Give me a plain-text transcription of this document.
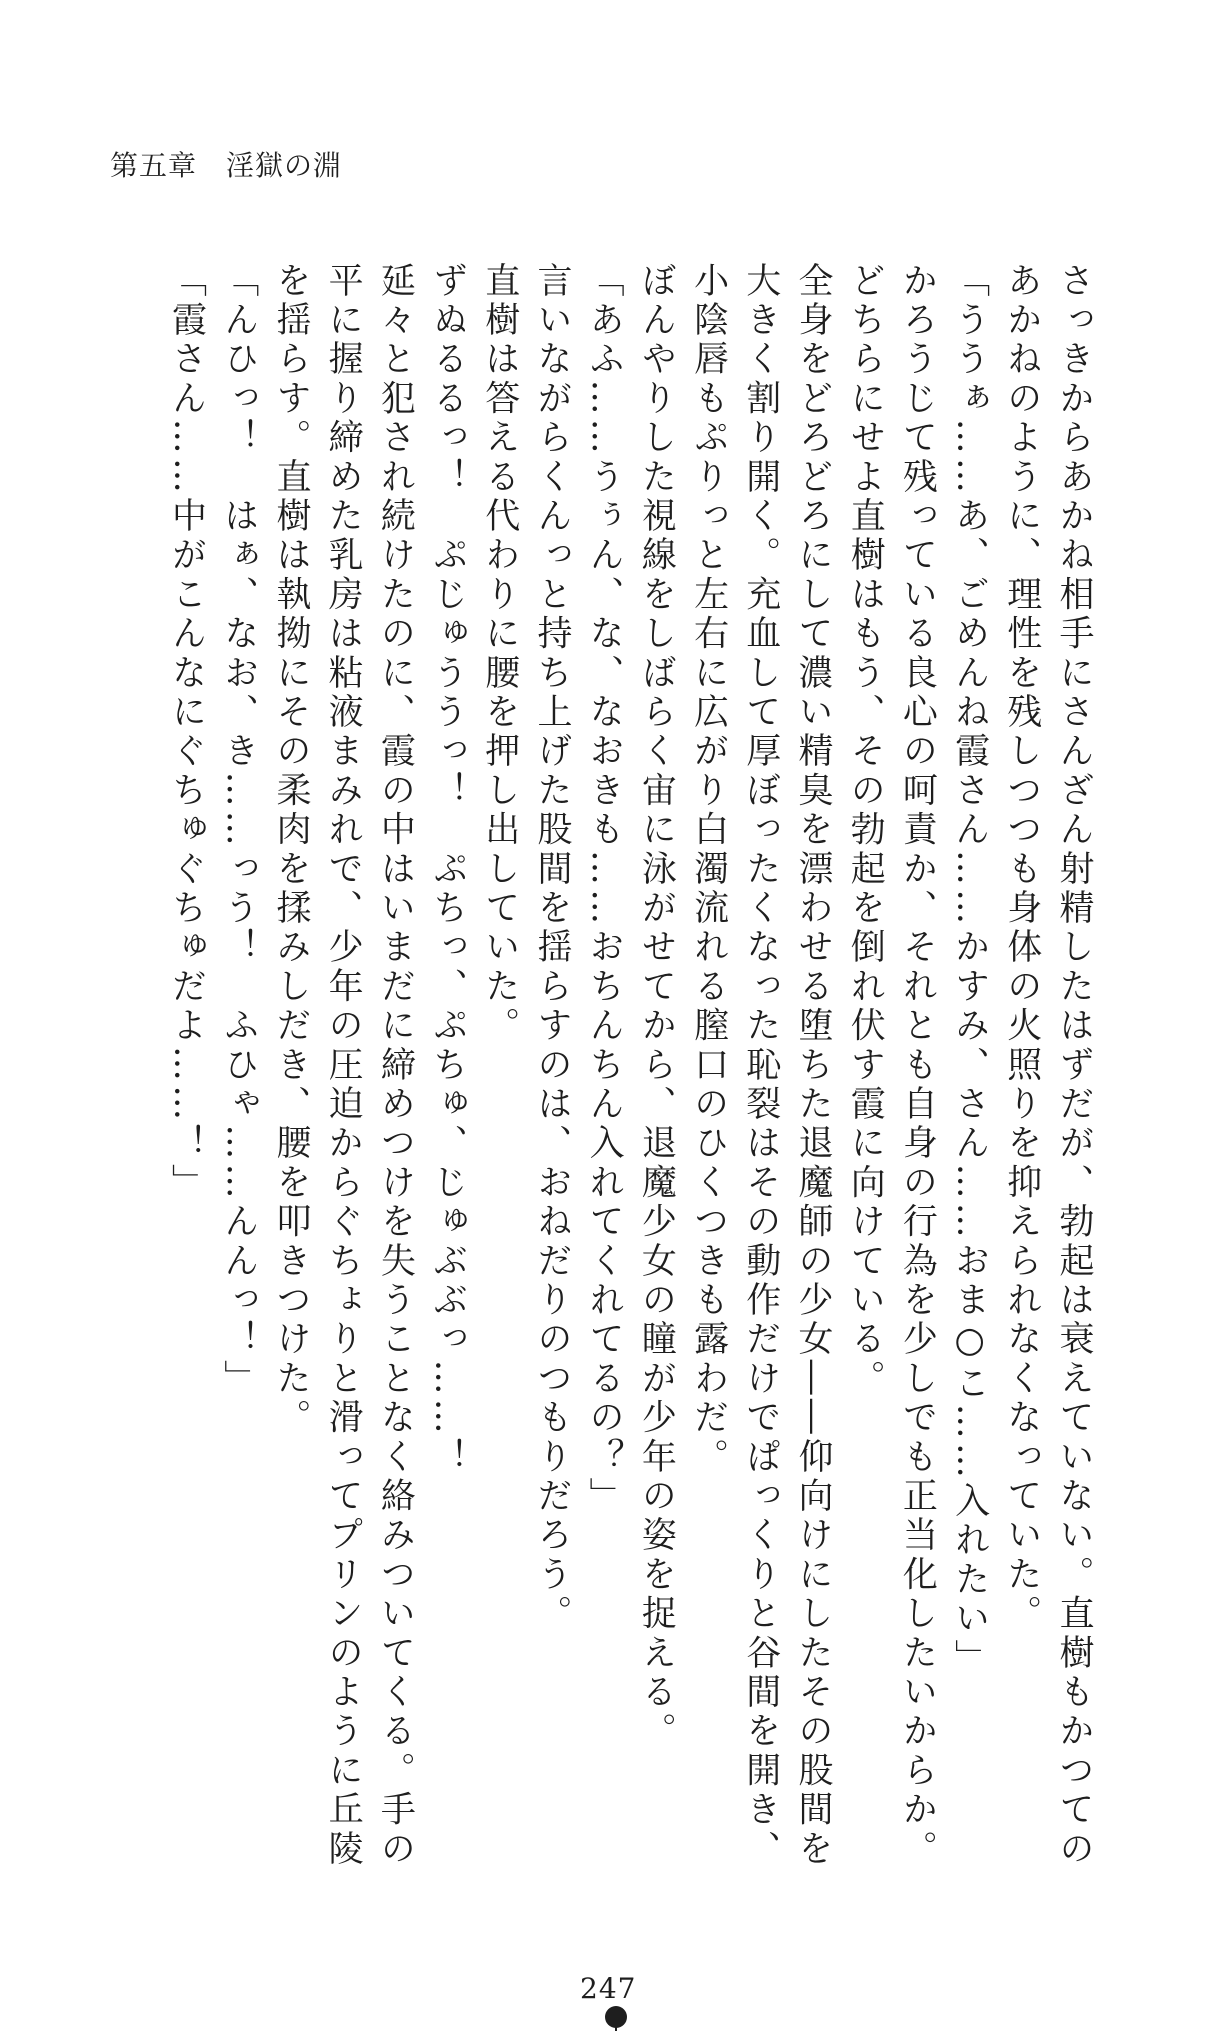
第五章　淫獄の淵

さっきからあかね相手にさんざん射精したはずだが、勃起は衰えていない。直樹もかつてのあかねのように、理性を残しつつも身体の火照りを抑えられなくなっていた。

「ううぁ……あ、ごめんね霞さん……かすみ、さん……おま○こ……入れたい」

かろうじて残っている良心の呵責か、それとも自身の行為を少しでも正当化したいからか。どちらにせよ直樹はもう、その勃起を倒れ伏す霞に向けている。

全身をどろどろにして濃い精臭を漂わせる堕ちた退魔師の少女――仰向けにしたその股間を大きく割り開く。充血して厚ぼったくなった恥裂はその動作だけでぱっくりと谷間を開き、小陰唇もぷりっと左右に広がり白濁流れる膣口のひくつきも露わだ。

ぼんやりした視線をしばらく宙に泳がせてから、退魔少女の瞳が少年の姿を捉える。

「あふ……うぅん、な、なおきも……おちんちん入れてくれてるの？」

言いながらくんっと持ち上げた股間を揺らすのは、おねだりのつもりだろう。

直樹は答える代わりに腰を押し出していた。

ずぬるるっ！　ぷじゅううっ！　ぷちっ、ぷちゅ、じゅぶぶっ……！

延々と犯され続けたのに、霞の中はいまだに締めつけを失うことなく絡みついてくる。手の平に握り締めた乳房は粘液まみれで、少年の圧迫からぐちょりと滑ってプリンのように丘陵を揺らす。直樹は執拗にその柔肉を揉みしだき、腰を叩きつけた。

「んひっ！　はぁ、なお、き……っう！　ふひゃ……んんっ！」

「霞さん……中がこんなにぐちゅぐちゅだよ……！」

247
